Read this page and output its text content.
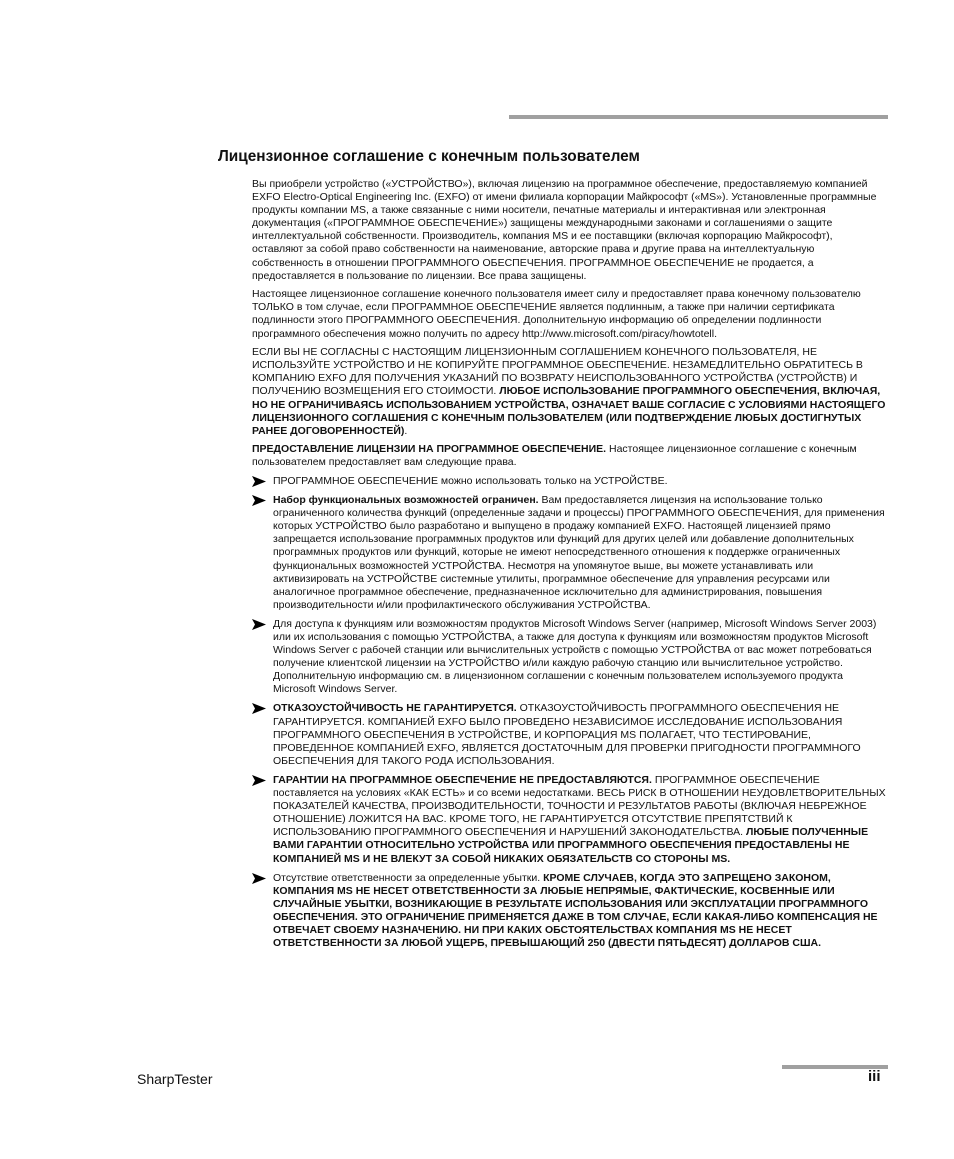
Лицензионное соглашение с конечным пользователем

Вы приобрели устройство («УСТРОЙСТВО»), включая лицензию на программное обеспечение, предоставляемую компанией EXFO Electro-Optical Engineering Inc. (EXFO) от имени филиала корпорации Майкрософт («MS»). Установленные программные продукты компании MS, а также связанные с ними носители, печатные материалы и интерактивная или электронная документация («ПРОГРАММНОЕ ОБЕСПЕЧЕНИЕ») защищены международными законами и соглашениями о защите интеллектуальной собственности. Производитель, компания MS и ее поставщики (включая корпорацию Майкрософт), оставляют за собой право собственности на наименование, авторские права и другие права на интеллектуальную собственность в отношении ПРОГРАММНОГО ОБЕСПЕЧЕНИЯ. ПРОГРАММНОЕ ОБЕСПЕЧЕНИЕ не продается, а предоставляется в пользование по лицензии. Все права защищены.

Настоящее лицензионное соглашение конечного пользователя имеет силу и предоставляет права конечному пользователю ТОЛЬКО в том случае, если ПРОГРАММНОЕ ОБЕСПЕЧЕНИЕ является подлинным, а также при наличии сертификата подлинности этого ПРОГРАММНОГО ОБЕСПЕЧЕНИЯ. Дополнительную информацию об определении подлинности программного обеспечения можно получить по адресу http://www.microsoft.com/piracy/howtotell.

ЕСЛИ ВЫ НЕ СОГЛАСНЫ С НАСТОЯЩИМ ЛИЦЕНЗИОННЫМ СОГЛАШЕНИЕМ КОНЕЧНОГО ПОЛЬЗОВАТЕЛЯ, НЕ ИСПОЛЬЗУЙТЕ УСТРОЙСТВО И НЕ КОПИРУЙТЕ ПРОГРАММНОЕ ОБЕСПЕЧЕНИЕ. НЕЗАМЕДЛИТЕЛЬНО ОБРАТИТЕСЬ В КОМПАНИЮ EXFO ДЛЯ ПОЛУЧЕНИЯ УКАЗАНИЙ ПО ВОЗВРАТУ НЕИСПОЛЬЗОВАННОГО УСТРОЙСТВА (УСТРОЙСТВ) И ПОЛУЧЕНИЮ ВОЗМЕЩЕНИЯ ЕГО СТОИМОСТИ. ЛЮБОЕ ИСПОЛЬЗОВАНИЕ ПРОГРАММНОГО ОБЕСПЕЧЕНИЯ, ВКЛЮЧАЯ, НО НЕ ОГРАНИЧИВАЯСЬ ИСПОЛЬЗОВАНИЕМ УСТРОЙСТВА, ОЗНАЧАЕТ ВАШЕ СОГЛАСИЕ С УСЛОВИЯМИ НАСТОЯЩЕГО ЛИЦЕНЗИОННОГО СОГЛАШЕНИЯ С КОНЕЧНЫМ ПОЛЬЗОВАТЕЛЕМ (ИЛИ ПОДТВЕРЖДЕНИЕ ЛЮБЫХ ДОСТИГНУТЫХ РАНЕЕ ДОГОВОРЕННОСТЕЙ).

ПРЕДОСТАВЛЕНИЕ ЛИЦЕНЗИИ НА ПРОГРАММНОЕ ОБЕСПЕЧЕНИЕ. Настоящее лицензионное соглашение с конечным пользователем предоставляет вам следующие права.

ПРОГРАММНОЕ ОБЕСПЕЧЕНИЕ можно использовать только на УСТРОЙСТВЕ.
Набор функциональных возможностей ограничен. Вам предоставляется лицензия на использование только ограниченного количества функций (определенные задачи и процессы) ПРОГРАММНОГО ОБЕСПЕЧЕНИЯ, для применения которых УСТРОЙСТВО было разработано и выпущено в продажу компанией EXFO. Настоящей лицензией прямо запрещается использование программных продуктов или функций для других целей или добавление дополнительных программных продуктов или функций, которые не имеют непосредственного отношения к поддержке ограниченных функциональных возможностей УСТРОЙСТВА. Несмотря на упомянутое выше, вы можете устанавливать или активизировать на УСТРОЙСТВЕ системные утилиты, программное обеспечение для управления ресурсами или аналогичное программное обеспечение, предназначенное исключительно для администрирования, повышения производительности и/или профилактического обслуживания УСТРОЙСТВА.
Для доступа к функциям или возможностям продуктов Microsoft Windows Server (например, Microsoft Windows Server 2003) или их использования с помощью УСТРОЙСТВА, а также для доступа к функциям или возможностям продуктов Microsoft Windows Server с рабочей станции или вычислительных устройств с помощью УСТРОЙСТВА от вас может потребоваться получение клиентской лицензии на УСТРОЙСТВО и/или каждую рабочую станцию или вычислительное устройство. Дополнительную информацию см. в лицензионном соглашении с конечным пользователем используемого продукта Microsoft Windows Server.
ОТКАЗОУСТОЙЧИВОСТЬ НЕ ГАРАНТИРУЕТСЯ. ОТКАЗОУСТОЙЧИВОСТЬ ПРОГРАММНОГО ОБЕСПЕЧЕНИЯ НЕ ГАРАНТИРУЕТСЯ. КОМПАНИЕЙ EXFO БЫЛО ПРОВЕДЕНО НЕЗАВИСИМОЕ ИССЛЕДОВАНИЕ ИСПОЛЬЗОВАНИЯ ПРОГРАММНОГО ОБЕСПЕЧЕНИЯ В УСТРОЙСТВЕ, И КОРПОРАЦИЯ MS ПОЛАГАЕТ, ЧТО ТЕСТИРОВАНИЕ, ПРОВЕДЕННОЕ КОМПАНИЕЙ EXFO, ЯВЛЯЕТСЯ ДОСТАТОЧНЫМ ДЛЯ ПРОВЕРКИ ПРИГОДНОСТИ ПРОГРАММНОГО ОБЕСПЕЧЕНИЯ ДЛЯ ТАКОГО РОДА ИСПОЛЬЗОВАНИЯ.
ГАРАНТИИ НА ПРОГРАММНОЕ ОБЕСПЕЧЕНИЕ НЕ ПРЕДОСТАВЛЯЮТСЯ. ПРОГРАММНОЕ ОБЕСПЕЧЕНИЕ поставляется на условиях «КАК ЕСТЬ» и со всеми недостатками. ВЕСЬ РИСК В ОТНОШЕНИИ НЕУДОВЛЕТВОРИТЕЛЬНЫХ ПОКАЗАТЕЛЕЙ КАЧЕСТВА, ПРОИЗВОДИТЕЛЬНОСТИ, ТОЧНОСТИ И РЕЗУЛЬТАТОВ РАБОТЫ (ВКЛЮЧАЯ НЕБРЕЖНОЕ ОТНОШЕНИЕ) ЛОЖИТСЯ НА ВАС. КРОМЕ ТОГО, НЕ ГАРАНТИРУЕТСЯ ОТСУТСТВИЕ ПРЕПЯТСТВИЙ К ИСПОЛЬЗОВАНИЮ ПРОГРАММНОГО ОБЕСПЕЧЕНИЯ И НАРУШЕНИЙ ЗАКОНОДАТЕЛЬСТВА. ЛЮБЫЕ ПОЛУЧЕННЫЕ ВАМИ ГАРАНТИИ ОТНОСИТЕЛЬНО УСТРОЙСТВА ИЛИ ПРОГРАММНОГО ОБЕСПЕЧЕНИЯ ПРЕДОСТАВЛЕНЫ НЕ КОМПАНИЕЙ MS И НЕ ВЛЕКУТ ЗА СОБОЙ НИКАКИХ ОБЯЗАТЕЛЬСТВ СО СТОРОНЫ MS.
Отсутствие ответственности за определенные убытки. КРОМЕ СЛУЧАЕВ, КОГДА ЭТО ЗАПРЕЩЕНО ЗАКОНОМ, КОМПАНИЯ MS НЕ НЕСЕТ ОТВЕТСТВЕННОСТИ ЗА ЛЮБЫЕ НЕПРЯМЫЕ, ФАКТИЧЕСКИЕ, КОСВЕННЫЕ ИЛИ СЛУЧАЙНЫЕ УБЫТКИ, ВОЗНИКАЮЩИЕ В РЕЗУЛЬТАТЕ ИСПОЛЬЗОВАНИЯ ИЛИ ЭКСПЛУАТАЦИИ ПРОГРАММНОГО ОБЕСПЕЧЕНИЯ. ЭТО ОГРАНИЧЕНИЕ ПРИМЕНЯЕТСЯ ДАЖЕ В ТОМ СЛУЧАЕ, ЕСЛИ КАКАЯ-ЛИБО КОМПЕНСАЦИЯ НЕ ОТВЕЧАЕТ СВОЕМУ НАЗНАЧЕНИЮ. НИ ПРИ КАКИХ ОБСТОЯТЕЛЬСТВАХ КОМПАНИЯ MS НЕ НЕСЕТ ОТВЕТСТВЕННОСТИ ЗА ЛЮБОЙ УЩЕРБ, ПРЕВЫШАЮЩИЙ 250 (ДВЕСТИ ПЯТЬДЕСЯТ) ДОЛЛАРОВ США.
SharpTester	iii
